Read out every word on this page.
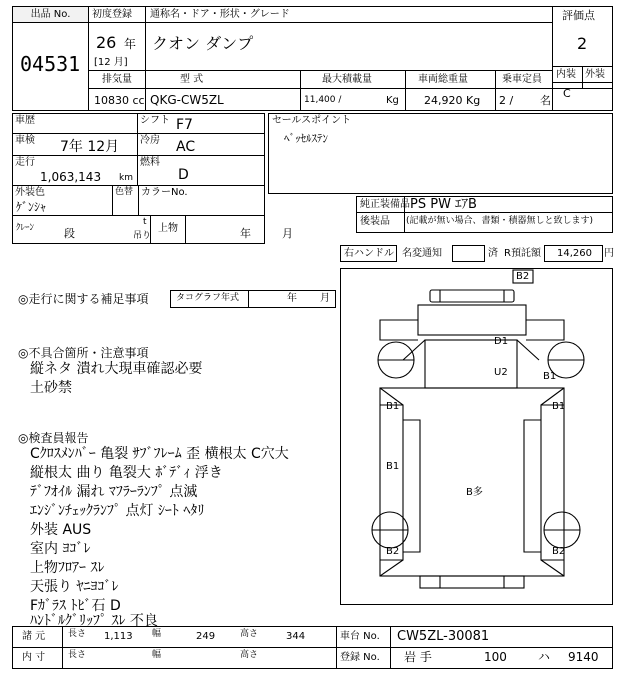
出品 No.
04531
初度登録 通称名・ドア・形状・グレード
26 年
[12 月]
クオン ダンプ
評価点
2
内装 外装
C
排気量
10830 cc
型 式
QKG-CW5ZL
最大積載量
11,400 /	Kg
車両総重量
24,920 Kg
乗車定員
2 / 名
車歴	シフト F7
車検 7年 12月 冷房 AC
走行
1,063,143 km
燃料
D
外装色
ｹﾞﾝｼｬ
色替 カラーNo.
ｸﾚｰﾝ	段
t
吊り
上物	年	月
セールスポイント
ﾍﾞｯｾﾙｽﾃﾝ
純正装備品 PS PW ｴｱB
後装品 (記載が無い場合、書類・積器無しと致します)
右ハンドル 名変通知	済 R預託額 14,260 円
◎走行に関する補足事項	タコグラフ年式	年 月
◎不具合箇所・注意事項
縦ネタ 潰れ大現車確認必要
土砂禁
◎検査員報告
Cｸﾛｽﾒﾝﾊﾞｰ 亀裂 ｻﾌﾞﾌﾚｰﾑ 歪 横根太 C穴大
縦根太 曲り 亀裂大 ﾎﾞﾃﾞｨ 浮き
ﾃﾞﾌｵｲﾙ 漏れ ﾏﾌﾗｰﾗﾝﾌﾟ 点滅
ｴﾝｼﾞﾝﾁｪｯｸﾗﾝﾌﾟ 点灯 ｼｰﾄ ﾍﾀﾘ
外装 AUS
室内 ﾖｺﾞﾚ
上物ﾌﾛｱｰ ｽﾚ
天張り ﾔﾆﾖｺﾞﾚ
Fｶﾞﾗｽ ﾄﾋﾞ石 D
ﾊﾝﾄﾞﾙｸﾞﾘｯﾌﾟ ｽﾚ 不良
B2
D1
U2	B1
B1	B1
B1
B多
B2	B2
諸 元	長さ 1,113 幅	249	高さ	344
内 寸	長さ	幅	高さ
車台 No. CW5ZL-30081
登録 No. 岩 手	100	ハ 9140
